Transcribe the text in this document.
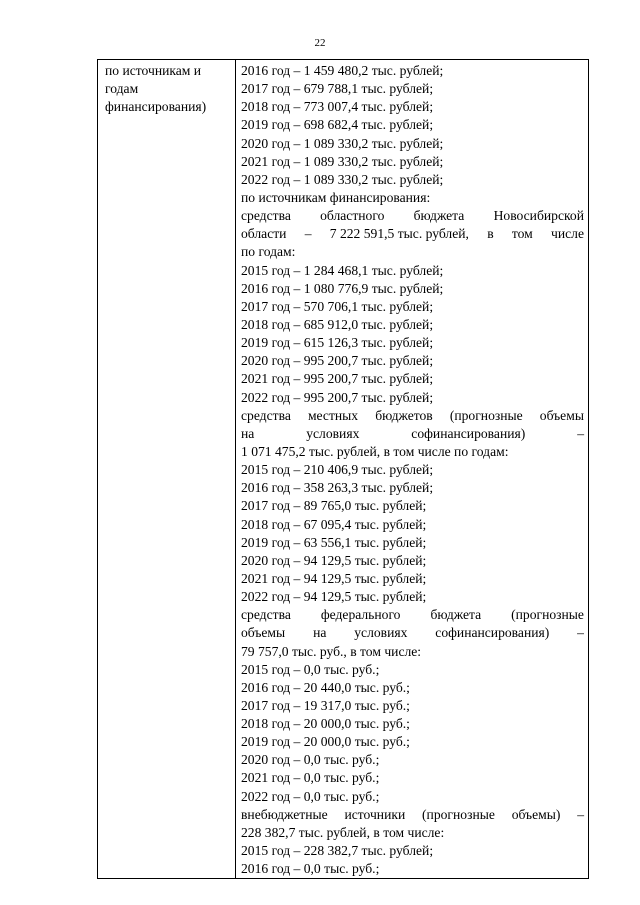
22
по источникам и
годам
финансирования)

2016 год – 1 459 480,2 тыс. рублей;
2017 год – 679 788,1 тыс. рублей;
2018 год – 773 007,4 тыс. рублей;
2019 год – 698 682,4 тыс. рублей;
2020 год – 1 089 330,2 тыс. рублей;
2021 год – 1 089 330,2 тыс. рублей;
2022 год – 1 089 330,2 тыс. рублей;
по источникам финансирования:
средства областного бюджета Новосибирской
области – 7 222 591,5 тыс. рублей, в том числе
по годам:
2015 год – 1 284 468,1 тыс. рублей;
2016 год – 1 080 776,9 тыс. рублей;
2017 год – 570 706,1 тыс. рублей;
2018 год – 685 912,0 тыс. рублей;
2019 год – 615 126,3 тыс. рублей;
2020 год – 995 200,7 тыс. рублей;
2021 год – 995 200,7 тыс. рублей;
2022 год – 995 200,7 тыс. рублей;
средства местных бюджетов (прогнозные объемы
на	условиях	софинансирования)	–
1 071 475,2 тыс. рублей, в том числе по годам:
2015 год – 210 406,9 тыс. рублей;
2016 год – 358 263,3 тыс. рублей;
2017 год – 89 765,0 тыс. рублей;
2018 год – 67 095,4 тыс. рублей;
2019 год – 63 556,1 тыс. рублей;
2020 год – 94 129,5 тыс. рублей;
2021 год – 94 129,5 тыс. рублей;
2022 год – 94 129,5 тыс. рублей;
средства федерального бюджета (прогнозные
объемы на условиях софинансирования) –
79 757,0 тыс. руб., в том числе:
2015 год – 0,0 тыс. руб.;
2016 год – 20 440,0 тыс. руб.;
2017 год – 19 317,0 тыс. руб.;
2018 год – 20 000,0 тыс. руб.;
2019 год – 20 000,0 тыс. руб.;
2020 год – 0,0 тыс. руб.;
2021 год – 0,0 тыс. руб.;
2022 год – 0,0 тыс. руб.;
внебюджетные источники (прогнозные объемы) –
228 382,7 тыс. рублей, в том числе:
2015 год – 228 382,7 тыс. рублей;
2016 год – 0,0 тыс. руб.;
